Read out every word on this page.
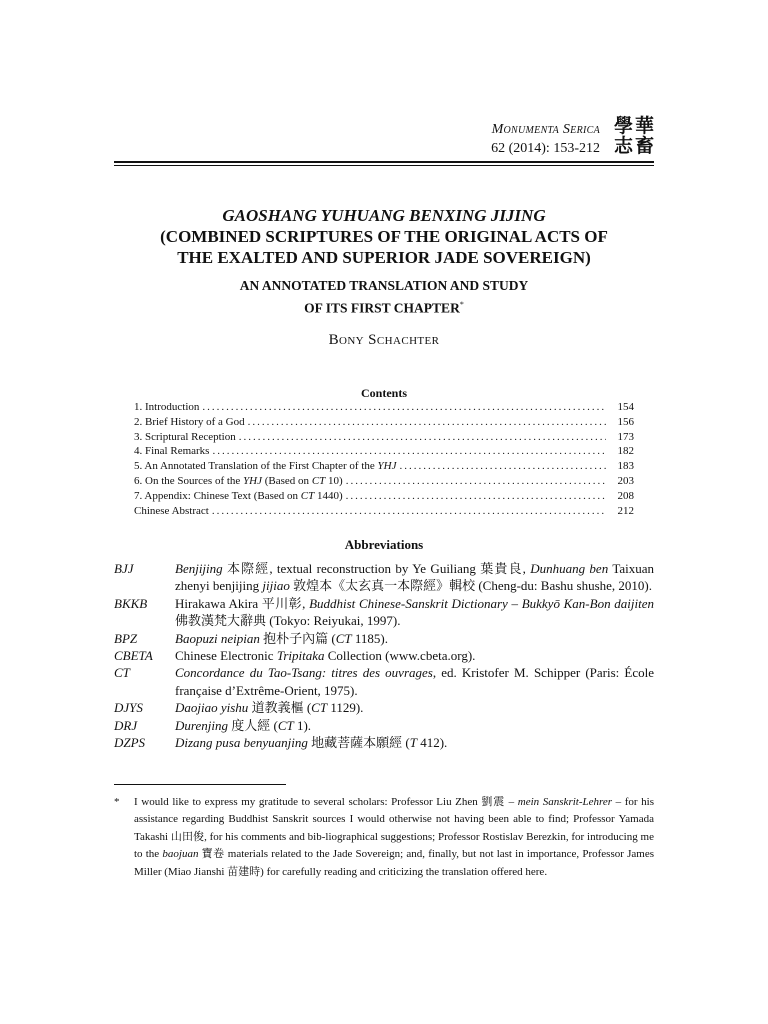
Monumenta Serica
62 (2014): 153-212
學華
志畜
GAOSHANG YUHUANG BENXING JIJING
(COMBINED SCRIPTURES OF THE ORIGINAL ACTS OF
THE EXALTED AND SUPERIOR JADE SOVEREIGN)
AN ANNOTATED TRANSLATION AND STUDY
OF ITS FIRST CHAPTER*
Bony Schachter
Contents
1. Introduction .....	154
2. Brief History of a God .....	156
3. Scriptural Reception .....	173
4. Final Remarks .....	182
5. An Annotated Translation of the First Chapter of the YHJ .....	183
6. On the Sources of the YHJ (Based on CT 10) .....	203
7. Appendix: Chinese Text (Based on CT 1440) .....	208
Chinese Abstract .....	212
Abbreviations
BJJ	Benjijing 本際經, textual reconstruction by Ye Guiliang 葉貴良, Dunhuang ben Taixuan zhenyi benjijing jijiao 敦煌本《太玄真一本際經》輯校 (Cheng-du: Bashu shushe, 2010).
BKKB	Hirakawa Akira 平川彰, Buddhist Chinese-Sanskrit Dictionary – Bukkyō Kan-Bon daijiten 佛教漢梵大辭典 (Tokyo: Reiyukai, 1997).
BPZ	Baopuzi neipian 抱朴子內篇 (CT 1185).
CBETA	Chinese Electronic Tripitaka Collection (www.cbeta.org).
CT	Concordance du Tao-Tsang: titres des ouvrages, ed. Kristofer M. Schipper (Paris: École française d’Extrême-Orient, 1975).
DJYS	Daojiao yishu 道教義樞 (CT 1129).
DRJ	Durenjing 度人經 (CT 1).
DZPS	Dizang pusa benyuanjing 地藏菩薩本願經 (T 412).
* I would like to express my gratitude to several scholars: Professor Liu Zhen 劉震 – mein Sanskrit-Lehrer – for his assistance regarding Buddhist Sanskrit sources I would otherwise not having been able to find; Professor Yamada Takashi 山田俊, for his comments and bib-liographical suggestions; Professor Rostislav Berezkin, for introducing me to the baojuan 寶卷 materials related to the Jade Sovereign; and, finally, but not last in importance, Professor James Miller (Miao Jianshi 苗建時) for carefully reading and criticizing the translation offered here.
